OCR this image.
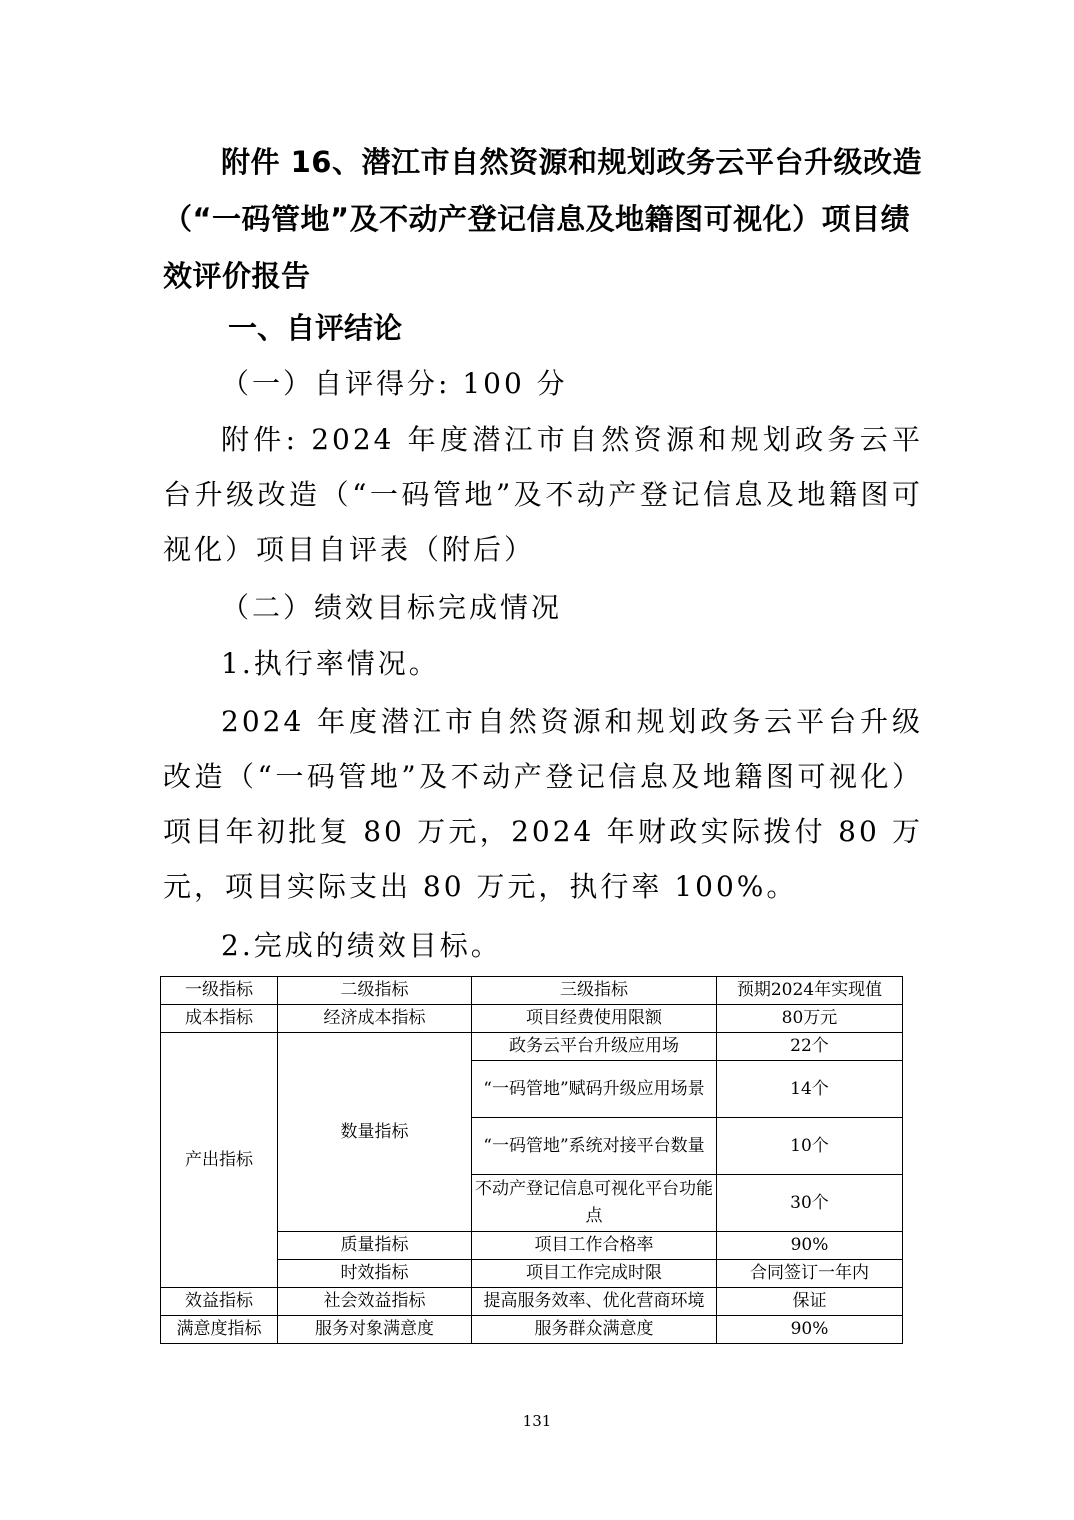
附件 16、潜江市自然资源和规划政务云平台升级改造
（“一码管地”及不动产登记信息及地籍图可视化）项目绩
效评价报告

一、自评结论

（一）自评得分: 100 分

附件: 2024 年度潜江市自然资源和规划政务云平台升级改造（“一码管地”及不动产登记信息及地籍图可视化）项目自评表（附后）

（二）绩效目标完成情况

1.执行率情况。

2024 年度潜江市自然资源和规划政务云平台升级改造（“一码管地”及不动产登记信息及地籍图可视化）项目年初批复 80 万元，2024 年财政实际拨付 80 万元，项目实际支出 80 万元，执行率 100%。

2.完成的绩效目标。

一级指标	二级指标	三级指标	预期2024年实现值
成本指标	经济成本指标	项目经费使用限额	80万元
产出指标	数量指标	政务云平台升级应用场	22个
		“一码管地”赋码升级应用场景	14个
		“一码管地”系统对接平台数量	10个
		不动产登记信息可视化平台功能点	30个
	质量指标	项目工作合格率	90%
	时效指标	项目工作完成时限	合同签订一年内

效益指标	社会效益指标	提高服务效率、优化营商环境	保证
满意度指标	服务对象满意度	服务群众满意度	90%
131
